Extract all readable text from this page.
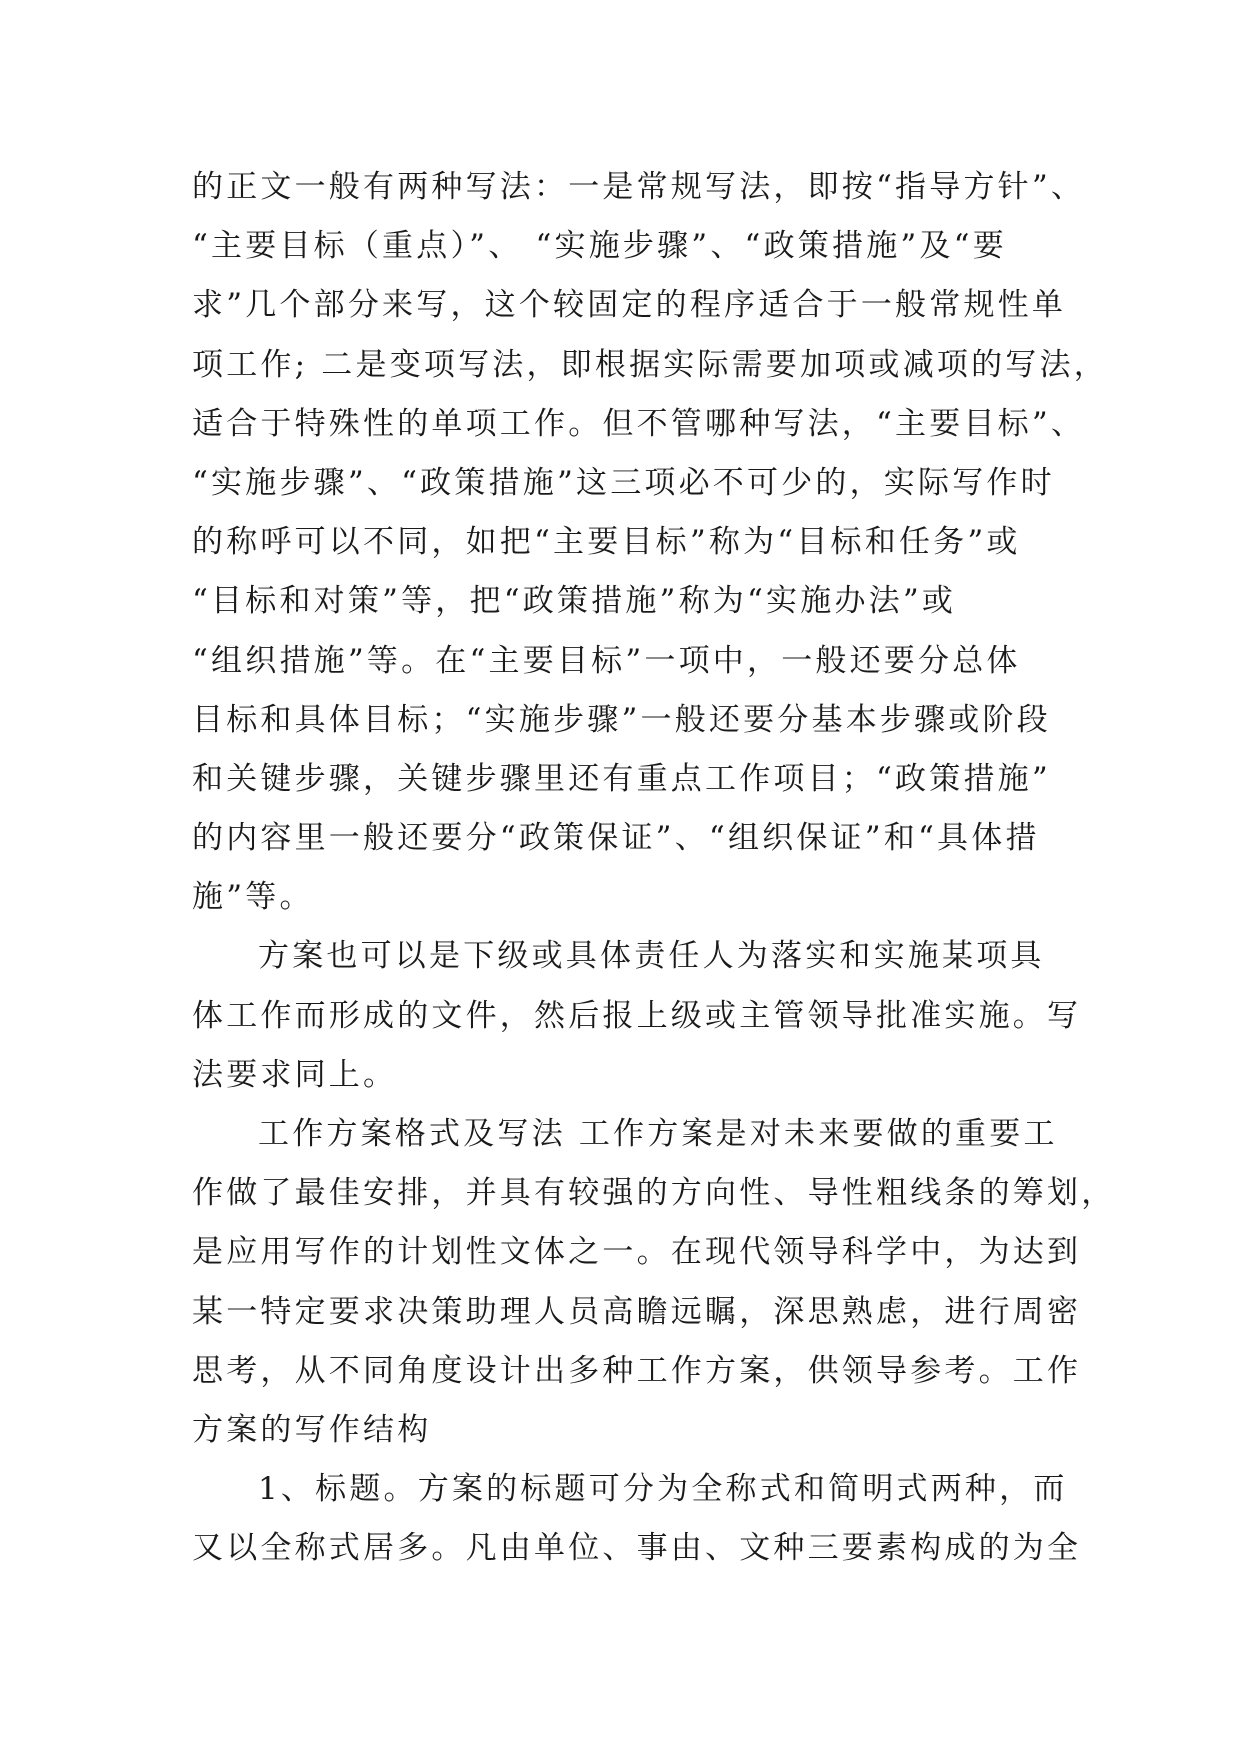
的正文一般有两种写法：一是常规写法，即按“指导方针”、
“主要目标（重点）”、 “实施步骤”、“政策措施”及“要
求”几个部分来写，这个较固定的程序适合于一般常规性单
项工作; 二是变项写法，即根据实际需要加项或减项的写法，
适合于特殊性的单项工作。但不管哪种写法，“主要目标”、
“实施步骤”、“政策措施”这三项必不可少的，实际写作时
的称呼可以不同，如把“主要目标”称为“目标和任务”或
“目标和对策”等，把“政策措施”称为“实施办法”或
“组织措施”等。在“主要目标”一项中，一般还要分总体
目标和具体目标；“实施步骤”一般还要分基本步骤或阶段
和关键步骤，关键步骤里还有重点工作项目；“政策措施”
的内容里一般还要分“政策保证”、“组织保证”和“具体措
施”等。
方案也可以是下级或具体责任人为落实和实施某项具
体工作而形成的文件，然后报上级或主管领导批准实施。写
法要求同上。
工作方案格式及写法 工作方案是对未来要做的重要工
作做了最佳安排，并具有较强的方向性、导性粗线条的筹划，
是应用写作的计划性文体之一。在现代领导科学中，为达到
某一特定要求决策助理人员高瞻远瞩，深思熟虑，进行周密
思考，从不同角度设计出多种工作方案，供领导参考。工作
方案的写作结构
1、标题。方案的标题可分为全称式和简明式两种，而
又以全称式居多。凡由单位、事由、文种三要素构成的为全
